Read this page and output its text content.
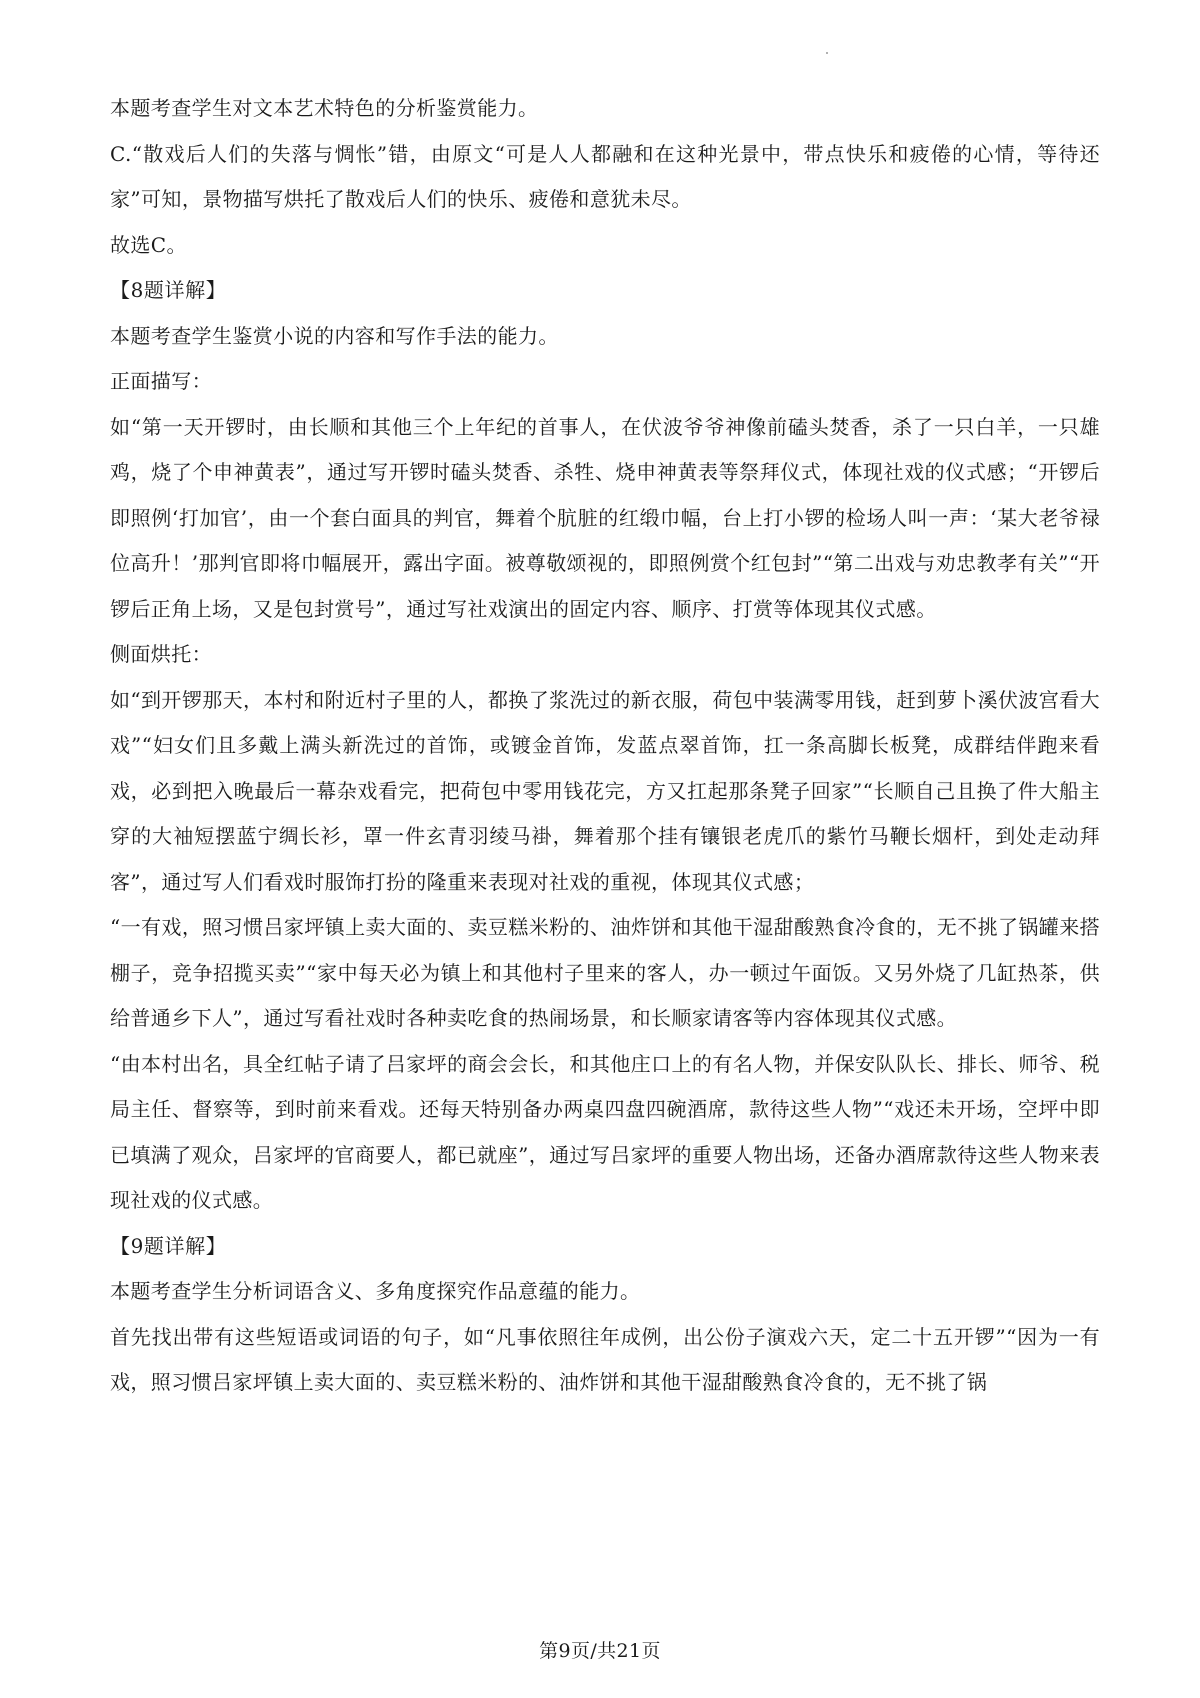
本题考查学生对文本艺术特色的分析鉴赏能力。

C.“散戏后人们的失落与惆怅”错，由原文“可是人人都融和在这种光景中，带点快乐和疲倦的心情，等待还家”可知，景物描写烘托了散戏后人们的快乐、疲倦和意犹未尽。

故选C。

【8题详解】

本题考查学生鉴赏小说的内容和写作手法的能力。

正面描写：

如“第一天开锣时，由长顺和其他三个上年纪的首事人，在伏波爷爷神像前磕头焚香，杀了一只白羊，一只雄鸡，烧了个申神黄表”，通过写开锣时磕头焚香、杀牲、烧申神黄表等祭拜仪式，体现社戏的仪式感；“开锣后即照例‘打加官’，由一个套白面具的判官，舞着个肮脏的红缎巾幅，台上打小锣的检场人叫一声：‘某大老爷禄位高升！’那判官即将巾幅展开，露出字面。被尊敬颂视的，即照例赏个红包封”“第二出戏与劝忠教孝有关”“开锣后正角上场，又是包封赏号”，通过写社戏演出的固定内容、顺序、打赏等体现其仪式感。

侧面烘托：

如“到开锣那天，本村和附近村子里的人，都换了浆洗过的新衣服，荷包中装满零用钱，赶到萝卜溪伏波宫看大戏”“妇女们且多戴上满头新洗过的首饰，或镀金首饰，发蓝点翠首饰，扛一条高脚长板凳，成群结伴跑来看戏，必到把入晚最后一幕杂戏看完，把荷包中零用钱花完，方又扛起那条凳子回家”“长顺自己且换了件大船主穿的大袖短摆蓝宁绸长衫，罩一件玄青羽绫马褂，舞着那个挂有镶银老虎爪的紫竹马鞭长烟杆，到处走动拜客”，通过写人们看戏时服饰打扮的隆重来表现对社戏的重视，体现其仪式感；

“一有戏，照习惯吕家坪镇上卖大面的、卖豆糕米粉的、油炸饼和其他干湿甜酸熟食冷食的，无不挑了锅罐来搭棚子，竞争招揽买卖”“家中每天必为镇上和其他村子里来的客人，办一顿过午面饭。又另外烧了几缸热茶，供给普通乡下人”，通过写看社戏时各种卖吃食的热闹场景，和长顺家请客等内容体现其仪式感。

“由本村出名，具全红帖子请了吕家坪的商会会长，和其他庄口上的有名人物，并保安队队长、排长、师爷、税局主任、督察等，到时前来看戏。还每天特别备办两桌四盘四碗酒席，款待这些人物”“戏还未开场，空坪中即已填满了观众，吕家坪的官商要人，都已就座”，通过写吕家坪的重要人物出场，还备办酒席款待这些人物来表现社戏的仪式感。

【9题详解】

本题考查学生分析词语含义、多角度探究作品意蕴的能力。

首先找出带有这些短语或词语的句子，如“凡事依照往年成例，出公份子演戏六天，定二十五开锣”“因为一有戏，照习惯吕家坪镇上卖大面的、卖豆糕米粉的、油炸饼和其他干湿甜酸熟食冷食的，无不挑了锅

第9页/共21页
